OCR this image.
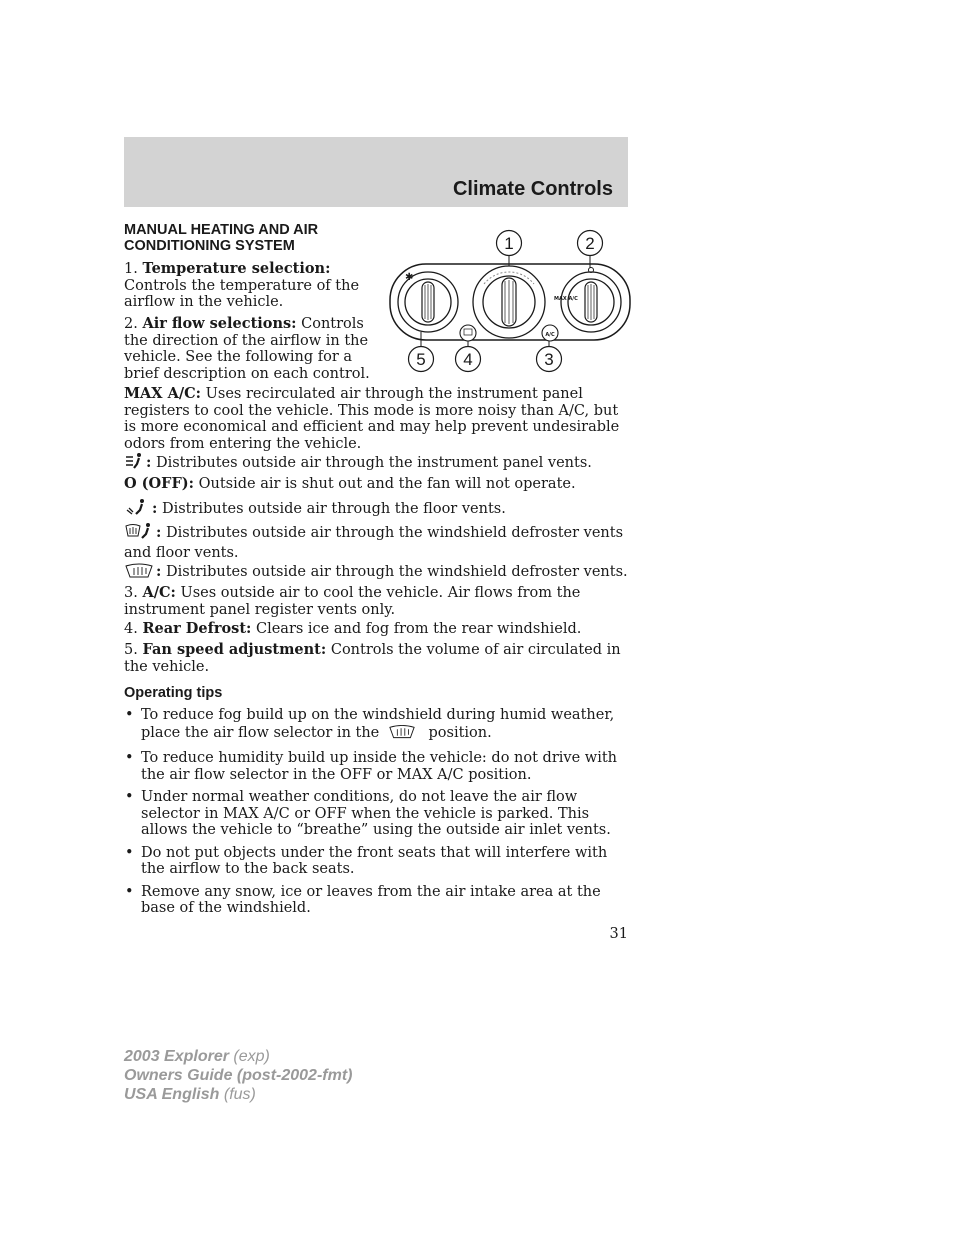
Climate Controls
MANUAL HEATING AND AIR CONDITIONING SYSTEM
1. Temperature selection: Controls the temperature of the airflow in the vehicle.
2. Air flow selections: Controls the direction of the airflow in the vehicle. See the following for a brief description on each control.
✱
MAX A/C
A/C
1	2
5 4	3
MAX A/C: Uses recirculated air through the instrument panel registers to cool the vehicle. This mode is more noisy than A/C, but is more economical and efficient and may help prevent undesirable odors from entering the vehicle.
: Distributes outside air through the instrument panel vents.
O (OFF): Outside air is shut out and the fan will not operate.
: Distributes outside air through the floor vents.
: Distributes outside air through the windshield defroster vents and floor vents.
: Distributes outside air through the windshield defroster vents.
3. A/C: Uses outside air to cool the vehicle. Air flows from the instrument panel register vents only.
4. Rear Defrost: Clears ice and fog from the rear windshield.
5. Fan speed adjustment: Controls the volume of air circulated in the vehicle.
Operating tips
• To reduce fog build up on the windshield during humid weather, place the air flow selector in the	position.
• To reduce humidity build up inside the vehicle: do not drive with the air flow selector in the OFF or MAX A/C position.
• Under normal weather conditions, do not leave the air flow selector in MAX A/C or OFF when the vehicle is parked. This allows the vehicle to “breathe” using the outside air inlet vents.
• Do not put objects under the front seats that will interfere with the airflow to the back seats.
• Remove any snow, ice or leaves from the air intake area at the base of the windshield.
31
2003 Explorer (exp)
Owners Guide (post-2002-fmt)
USA English (fus)
